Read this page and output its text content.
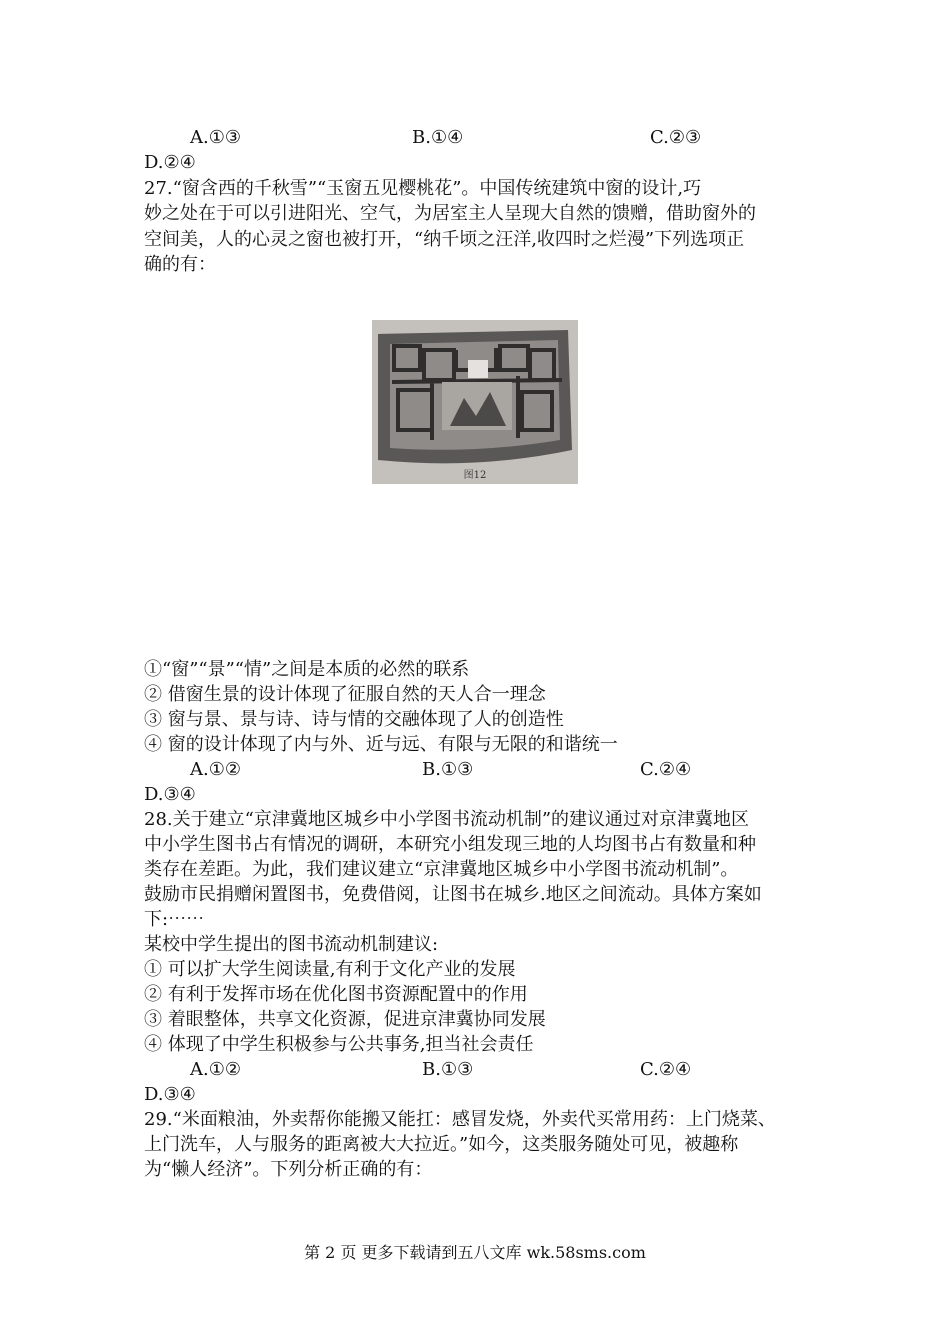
A.①③	B.①④	C.②③
D.②④
27.“窗含西的千秋雪”“玉窗五见樱桃花”。中国传统建筑中窗的设计,巧
妙之处在于可以引进阳光、空气，为居室主人呈现大自然的馈赠，借助窗外的
空间美，人的心灵之窗也被打开，“纳千顷之汪洋,收四时之烂漫”下列选项正
确的有：
图12
①“窗”“景”“情”之间是本质的必然的联系
② 借窗生景的设计体现了征服自然的天人合一理念
③ 窗与景、景与诗、诗与情的交融体现了人的创造性
④ 窗的设计体现了内与外、近与远、有限与无限的和谐统一
A.①②	B.①③	C.②④
D.③④
28.关于建立“京津冀地区城乡中小学图书流动机制”的建议通过对京津冀地区
中小学生图书占有情况的调研，本研究小组发现三地的人均图书占有数量和种
类存在差距。为此，我们建议建立“京津冀地区城乡中小学图书流动机制”。
鼓励市民捐赠闲置图书，免费借阅，让图书在城乡.地区之间流动。具体方案如
下:⋯⋯
某校中学生提出的图书流动机制建议:
① 可以扩大学生阅读量,有利于文化产业的发展
② 有利于发挥市场在优化图书资源配置中的作用
③ 着眼整体，共享文化资源，促进京津冀协同发展
④ 体现了中学生积极参与公共事务,担当社会责任
A.①②	B.①③	C.②④
D.③④
29.“米面粮油，外卖帮你能搬又能扛：感冒发烧，外卖代买常用药：上门烧菜、
上门洗车，人与服务的距离被大大拉近。”如今，这类服务随处可见，被趣称
为“懒人经济”。下列分析正确的有：
第 2 页 更多下载请到五八文库 wk.58sms.com
